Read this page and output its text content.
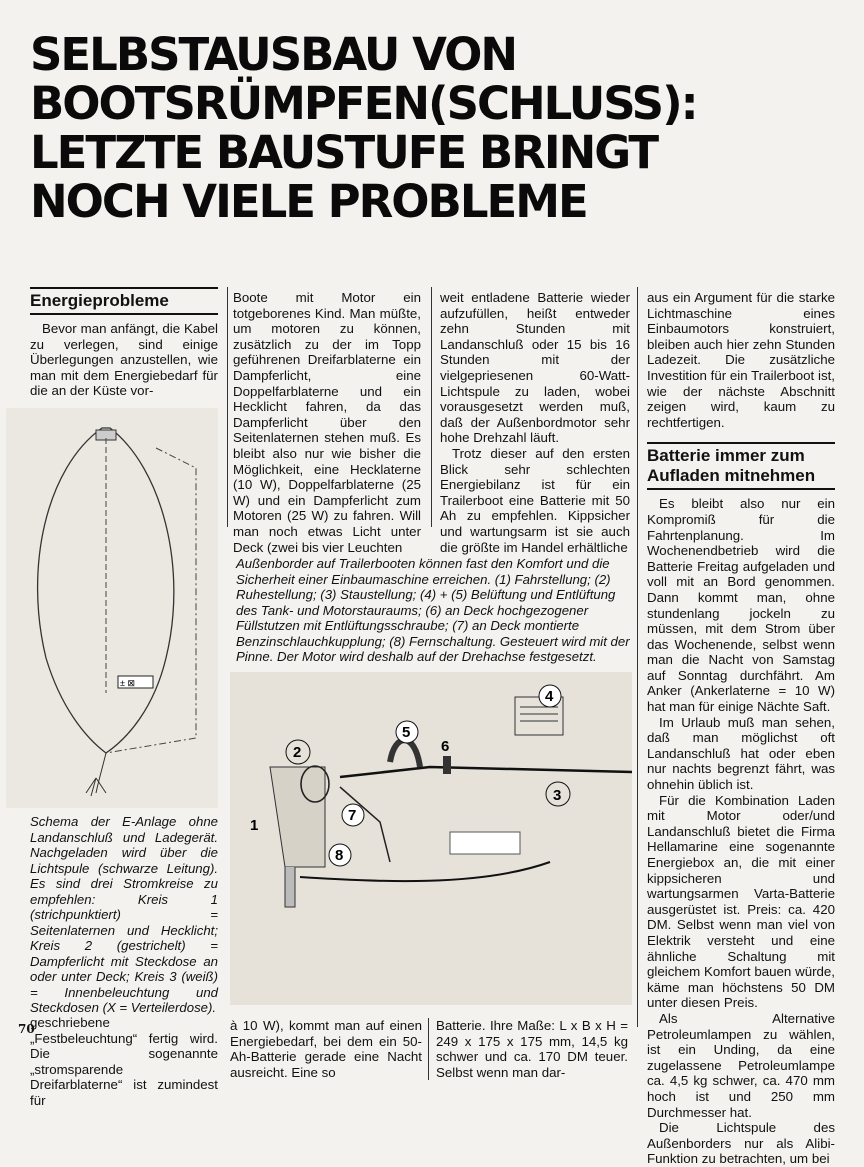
SELBSTAUSBAU VON
BOOTSRÜMPFEN(SCHLUSS):
LETZTE BAUSTUFE BRINGT
NOCH VIELE PROBLEME
Energieprobleme

Bevor man anfängt, die Kabel zu verlegen, sind einige Überlegungen anzustellen, wie man mit dem Energiebedarf für die an der Küste vor-

± ⊠
Schema der E-Anlage ohne Landanschluß und Ladegerät. Nachgeladen wird über die Lichtspule (schwarze Leitung). Es sind drei Stromkreise zu empfehlen: Kreis 1 (strichpunktiert) = Seitenlaternen und Hecklicht; Kreis 2 (gestrichelt) = Dampferlicht mit Steckdose an oder unter Deck; Kreis 3 (weiß) = Innenbeleuchtung und Steckdosen (X = Verteilerdose).

geschriebene „Festbeleuchtung“ fertig wird. Die sogenannte „stromsparende Dreifarblaterne“ ist zumindest für

Boote mit Motor ein totgeborenes Kind. Man müßte, um motoren zu können, zusätzlich zu der im Topp geführenen Dreifarblaterne ein Dampferlicht, eine Doppelfarblaterne und ein Hecklicht fahren, da das Dampferlicht über den Seitenlaternen stehen muß. Es bleibt also nur wie bisher die Möglichkeit, eine Hecklaterne (10 W), Doppelfarblaterne (25 W) und ein Dampferlicht zum Motoren (25 W) zu fahren. Will man noch etwas Licht unter Deck (zwei bis vier Leuchten

weit entladene Batterie wieder aufzufüllen, heißt entweder zehn Stunden mit Landanschluß oder 15 bis 16 Stunden mit der vielgepriesenen 60-Watt-Lichtspule zu laden, wobei vorausgesetzt werden muß, daß der Außenbordmotor sehr hohe Drehzahl läuft.

Trotz dieser auf den ersten Blick sehr schlechten Energiebilanz ist für ein Trailerboot eine Batterie mit 50 Ah zu empfehlen. Kippsicher und wartungsarm ist sie auch die größte im Handel erhältliche

Außenborder auf Trailerbooten können fast den Komfort und die Sicherheit einer Einbaumaschine erreichen. (1) Fahrstellung; (2) Ruhestellung; (3) Staustellung; (4) + (5) Belüftung und Entlüftung des Tank- und Motorstauraums; (6) an Deck hochgezogener Füllstutzen mit Entlüftungsschraube; (7) an Deck montierte Benzinschlauchkupplung; (8) Fernschaltung. Gesteuert wird mit der Pinne. Der Motor wird deshalb auf der Drehachse festgesetzt.
1
2
3
4
5
6
7
8

à 10 W), kommt man auf einen Energiebedarf, bei dem ein 50-Ah-Batterie gerade eine Nacht ausreicht. Eine so

Batterie. Ihre Maße: L x B x H = 249 x 175 x 175 mm, 14,5 kg schwer und ca. 170 DM teuer. Selbst wenn man dar-

aus ein Argument für die starke Lichtmaschine eines Einbaumotors konstruiert, bleiben auch hier zehn Stunden Ladezeit. Die zusätzliche Investition für ein Trailerboot ist, wie der nächste Abschnitt zeigen wird, kaum zu rechtfertigen.

Batterie immer zum Aufladen mitnehmen

Es bleibt also nur ein Kompromiß für die Fahrtenplanung. Im Wochenendbetrieb wird die Batterie Freitag aufgeladen und voll mit an Bord genommen. Dann kommt man, ohne stundenlang jockeln zu müssen, mit dem Strom über das Wochenende, selbst wenn man die Nacht von Samstag auf Sonntag durchfährt. Am Anker (Ankerlaterne = 10 W) hat man für einige Nächte Saft.

Im Urlaub muß man sehen, daß man möglichst oft Landanschluß hat oder eben nur nachts begrenzt fährt, was ohnehin üblich ist.

Für die Kombination Laden mit Motor oder/und Landanschluß bietet die Firma Hellamarine eine sogenannte Energiebox an, die mit einer kippsicheren und wartungsarmen Varta-Batterie ausgerüstet ist. Preis: ca. 420 DM. Selbst wenn man viel von Elektrik versteht und eine ähnliche Schaltung mit gleichem Komfort bauen würde, käme man höchstens 50 DM unter diesen Preis.

Als Alternative Petroleumlampen zu wählen, ist ein Unding, da eine zugelassene Petroleumlampe ca. 4,5 kg schwer, ca. 470 mm hoch ist und 250 mm Durchmesser hat.

Die Lichtspule des Außenborders nur als Alibi-Funktion zu betrachten, um bei

70
